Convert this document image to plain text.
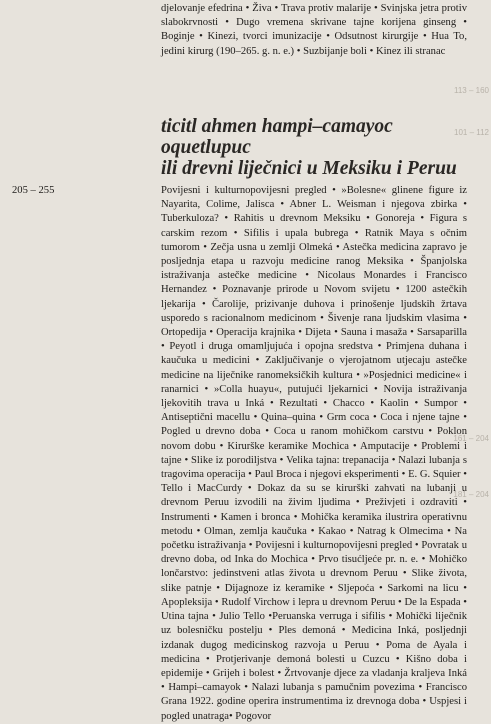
113 – 160
101 – 112
161 – 204
181 – 204

djelovanje efedrina • Živa • Trava protiv malarije • Svinjska jetra protiv slabokrvnosti • Dugo vremena skrivane tajne korijena ginseng • Boginje • Kinezi, tvorci imunizacije • Odsutnost kirurgije • Hua To, jedini kirurg (190–265. g. n. e.) • Suzbijanje boli • Kinez ili stranac

ticitl ahmen hampi–camayoc oquetlupuc
ili drevni liječnici u Meksiku i Peruu
205 – 255	Povijesni i kulturnopovijesni pregled • »Bolesne« glinene figure iz Nayarita, Colime, Jalisca • Abner L. Weisman i njegova zbirka • Tuberkuloza? • Rahitis u drevnom Meksiku • Gonoreja • Figura s carskim rezom • Sifilis i upala bubrega • Ratnik Maya s očnim tumorom • Zečja usna u zemlji Olmeká • Astečka medicina zapravo je posljednja etapa u razvoju medicine ranog Meksika • Španjolska istraživanja astečke medicine • Nicolaus Monardes i Francisco Hernandez • Poznavanje prirode u Novom svijetu • 1200 astečkih ljekarija • Čarolije, prizivanje duhova i prinošenje ljudskih žrtava usporedo s racionalnom medicinom • Šivenje rana ljudskim vlasima • Ortopedija • Operacija krajnika • Dijeta • Sauna i masaža • Sarsaparilla • Peyotl i druga omamljujuća i opojna sredstva • Primjena duhana i kaučuka u medicini • Zaključivanje o vjerojatnom utjecaju astečke medicine na liječnike ranomeksičkih kultura • »Posjednici medicine« i ranarnici • »Colla huayu«, putujući ljekarnici • Novija istraživanja ljekovitih trava u Inká • Rezultati • Chacco • Kaolin • Sumpor • Antiseptični macellu • Quina–quina • Grm coca • Coca i njene tajne • Pogled u drevno doba • Coca u ranom mohičkom carstvu • Poklon novom dobu • Kirurške keramike Mochica • Amputacije • Problemi i tajne • Slike iz porodiljstva • Velika tajna: trepanacija • Nalazi lubanja s tragovima operacija • Paul Broca i njegovi eksperimenti • E. G. Squier • Tello i MacCurdy • Dokaz da su se kirurški zahvati na lubanji u drevnom Peruu izvodili na živim ljudima • Preživjeti i ozdraviti • Instrumenti • Kamen i bronca • Mohička keramika ilustrira operativnu metodu • Olman, zemlja kaučuka • Kakao • Natrag k Olmecima • Na početku istraživanja • Povijesni i kulturnopovijesni pregled • Povratak u drevno doba, od Inka do Mochica • Prvo tisućljeće pr. n. e. • Mohičko lončarstvo: jedinstveni atlas života u drevnom Peruu • Slike života, slike patnje • Dijagnoze iz keramike • Sljepoća • Sarkomi na licu • Apopleksija • Rudolf Virchow i lepra u drevnom Peruu • De la Espada • Utina tajna • Julio Tello •Peruanska verruga i sifilis • Mohički liječnik uz bolesničku postelju • Ples demoná • Medicina Inká, posljednji izdanak dugog medicinskog razvoja u Peruu • Poma de Ayala i medicina • Protjerivanje demoná bolesti u Cuzcu • Kišno doba i epidemije • Grijeh i bolest • Žrtvovanje djece za vladanja kraljeva Inká • Hampi–camayok • Nalazi lubanja s pamučnim povezima • Francisco Grana 1922. godine operira instrumentima iz drevnoga doba • Uspjesi i pogled unatraga• Pogovor
